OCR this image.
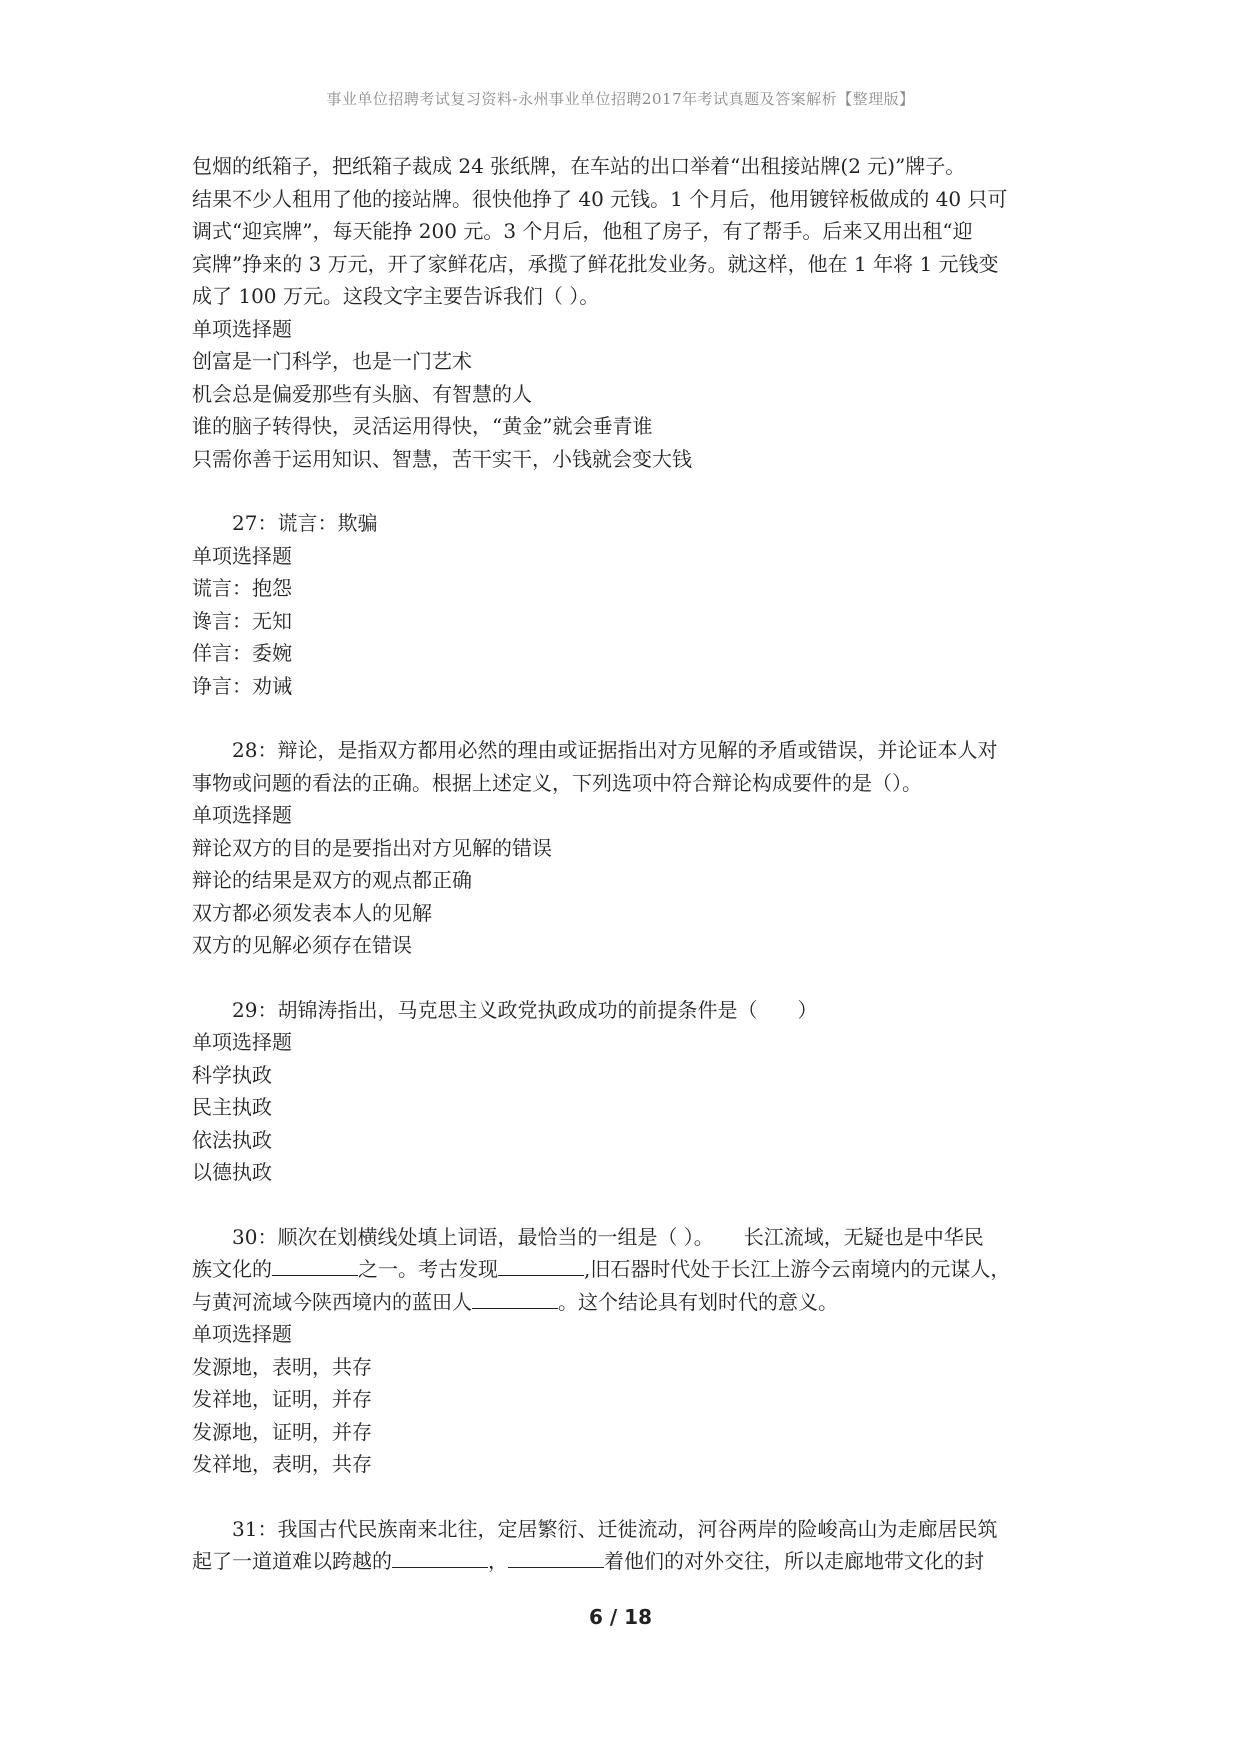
事业单位招聘考试复习资料-永州事业单位招聘2017年考试真题及答案解析【整理版】
包烟的纸箱子，把纸箱子裁成 24 张纸牌，在车站的出口举着“出租接站牌(2 元)”牌子。
结果不少人租用了他的接站牌。很快他挣了 40 元钱。1 个月后，他用镀锌板做成的 40 只可
调式“迎宾牌”，每天能挣 200 元。3 个月后，他租了房子，有了帮手。后来又用出租“迎
宾牌”挣来的 3 万元，开了家鲜花店，承揽了鲜花批发业务。就这样，他在 1 年将 1 元钱变
成了 100 万元。这段文字主要告诉我们（ ）。
单项选择题
创富是一门科学，也是一门艺术
机会总是偏爱那些有头脑、有智慧的人
谁的脑子转得快，灵活运用得快，“黄金”就会垂青谁
只需你善于运用知识、智慧，苦干实干，小钱就会变大钱
27：谎言：欺骗
单项选择题
谎言：抱怨
谗言：无知
佯言：委婉
诤言：劝诫
28：辩论，是指双方都用必然的理由或证据指出对方见解的矛盾或错误，并论证本人对
事物或问题的看法的正确。根据上述定义，下列选项中符合辩论构成要件的是（）。
单项选择题
辩论双方的目的是要指出对方见解的错误
辩论的结果是双方的观点都正确
双方都必须发表本人的见解
双方的见解必须存在错误
29：胡锦涛指出，马克思主义政党执政成功的前提条件是（　　）
单项选择题
科学执政
民主执政
依法执政
以德执政
30：顺次在划横线处填上词语，最恰当的一组是（ ）。　　长江流域，无疑也是中华民
族文化的	之一。考古发现	,旧石器时代处于长江上游今云南境内的元谋人，
与黄河流域今陕西境内的蓝田人	。这个结论具有划时代的意义。
单项选择题
发源地，表明，共存
发祥地，证明，并存
发源地，证明，并存
发祥地，表明，共存
31：我国古代民族南来北往，定居繁衍、迁徙流动，河谷两岸的险峻高山为走廊居民筑
起了一道道难以跨越的	，	着他们的对外交往，所以走廊地带文化的封
6 / 18
